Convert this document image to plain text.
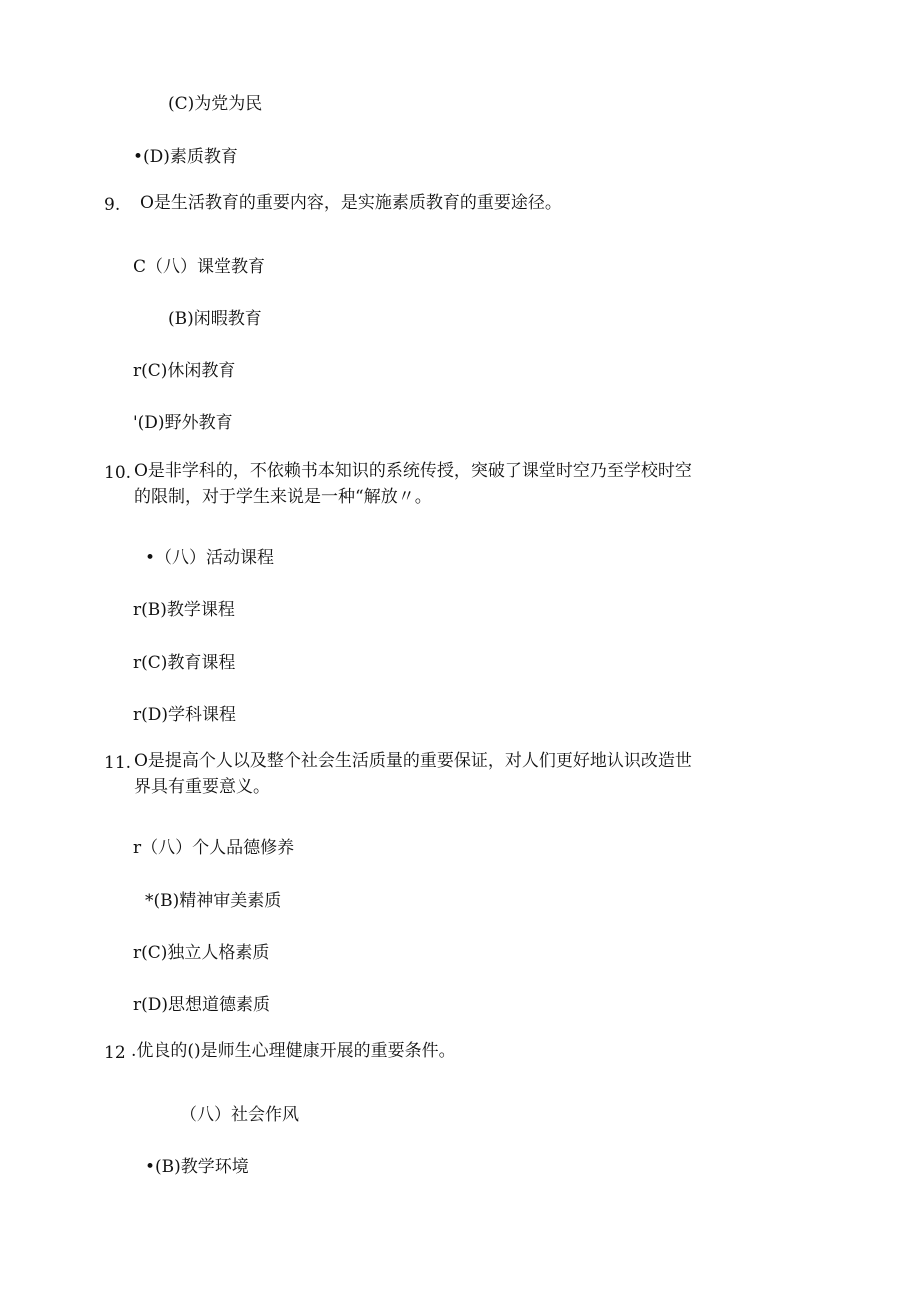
(C)为党为民
•(D)素质教育
9. O是生活教育的重要内容，是实施素质教育的重要途径。
C（八）课堂教育
(B)闲暇教育
r(C)休闲教育
'(D)野外教育
10. O是非学科的，不依赖书本知识的系统传授，突破了课堂时空乃至学校时空
的限制，对于学生来说是一种“解放〃。
•（八）活动课程
r(B)教学课程
r(C)教育课程
r(D)学科课程
11. O是提高个人以及整个社会生活质量的重要保证，对人们更好地认识改造世
界具有重要意义。
r（八）个人品德修养
*(B)精神审美素质
r(C)独立人格素质
r(D)思想道德素质
12 .优良的()是师生心理健康开展的重要条件。
（八）社会作风
•(B)教学环境
